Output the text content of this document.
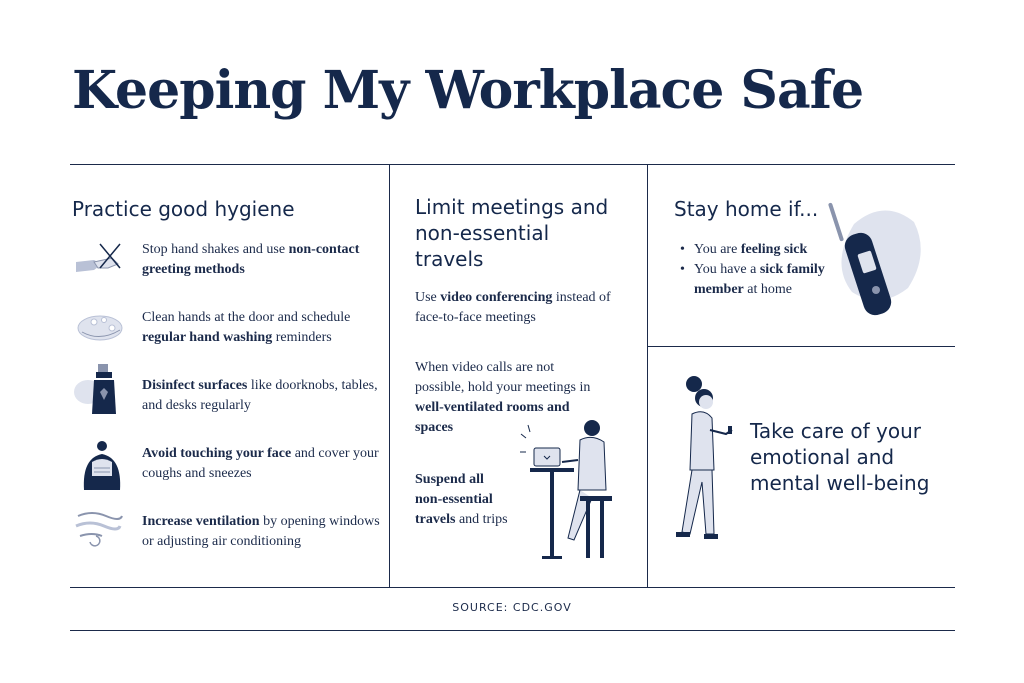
Keeping My Workplace Safe
Practice good hygiene
Stop hand shakes and use non-contact greeting methods
Clean hands at the door and schedule regular hand washing reminders
Disinfect surfaces like doorknobs, tables, and desks regularly
Avoid touching your face and cover your coughs and sneezes
Increase ventilation by opening windows or adjusting air conditioning
Limit meetings and non-essential travels
Use video conferencing instead of face-to-face meetings
When video calls are not possible, hold your meetings in well-ventilated rooms and spaces
Suspend all non-essential travels and trips
Stay home if...
• You are feeling sick
• You have a sick family member at home
Take care of your emotional and mental well-being
SOURCE: CDC.GOV
